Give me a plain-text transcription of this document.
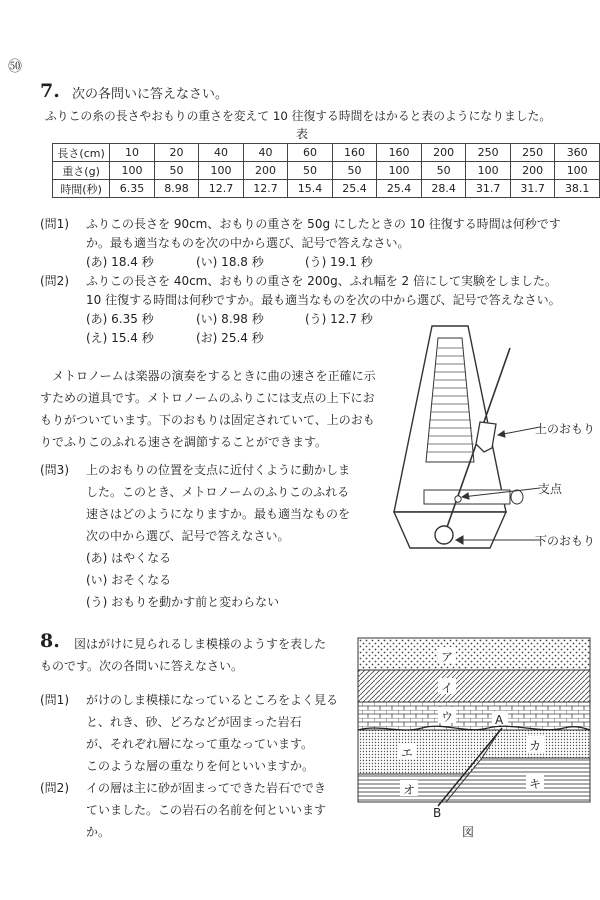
㊿
7. 次の各問いに答えなさい。
ふりこの糸の長さやおもりの重さを変えて 10 往復する時間をはかると表のようになりました。
表
長さ(cm)	10	20	40	40	60	160	160	200	250	250	360
重さ(g)	100	50	100	200	50	50	100	50	100	200	100
時間(秒)	6.35	8.98	12.7	12.7	15.4	25.4	25.4	28.4	31.7	31.7	38.1
(問1) ふりこの長さを 90cm、おもりの重さを 50g にしたときの 10 往復する時間は何秒です
か。最も適当なものを次の中から選び、記号で答えなさい。
(あ) 18.4 秒	(い) 18.8 秒	(う) 19.1 秒
(問2) ふりこの長さを 40cm、おもりの重さを 200g、ふれ幅を 2 倍にして実験をしました。
10 往復する時間は何秒ですか。最も適当なものを次の中から選び、記号で答えなさい。
(あ) 6.35 秒	(い) 8.98 秒	(う) 12.7 秒
(え) 15.4 秒	(お) 25.4 秒
メトロノームは楽器の演奏をするときに曲の速さを正確に示
すための道具です。メトロノームのふりこには支点の上下にお
もりがついています。下のおもりは固定されていて、上のおも
りでふりこのふれる速さを調節することができます。
(問3) 上のおもりの位置を支点に近付くように動かしま
した。このとき、メトロノームのふりこのふれる
速さはどのようになりますか。最も適当なものを
次の中から選び、記号で答えなさい。
(あ) はやくなる
(い) おそくなる
(う) おもりを動かす前と変わらない
上のおもり
支点
下のおもり
8. 図はがけに見られるしま模様のようすを表した
ものです。次の各問いに答えなさい。
(問1) がけのしま模様になっているところをよく見る
と、れき、砂、どろなどが固まった岩石
が、それぞれ層になって重なっています。
このような層の重なりを何といいますか。
(問2) イの層は主に砂が固まってできた岩石ででき
ていました。この岩石の名前を何といいます
か。
ア
イ
ウ
エ
オ
カ
キ
A
B
図
